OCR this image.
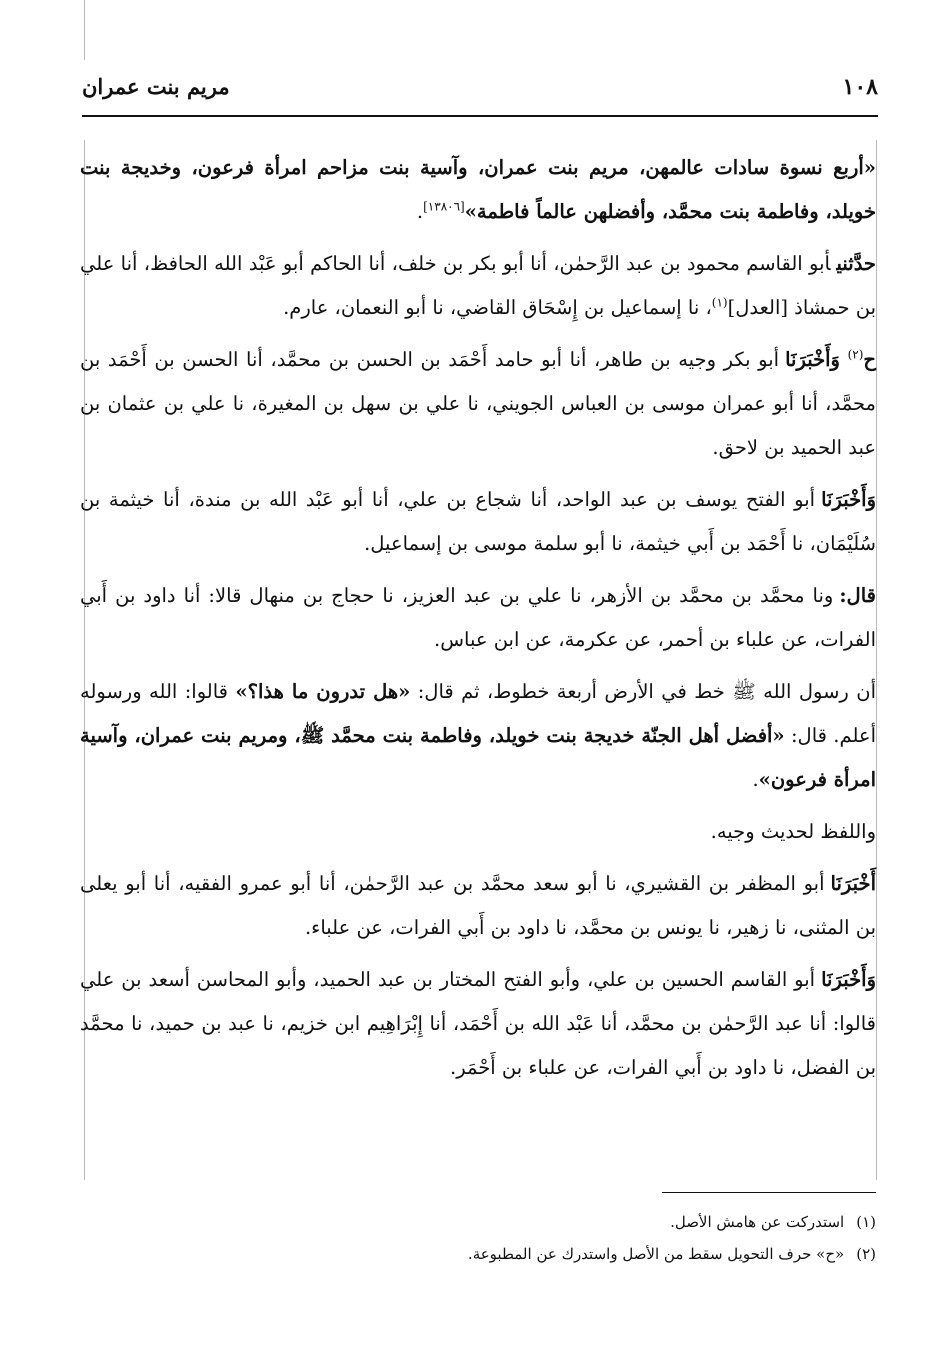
١٠٨
مريم بنت عمران

«أربع نسوة سادات عالمهن، مريم بنت عمران، وآسية بنت مزاحم امرأة فرعون، وخديجة بنت خويلد، وفاطمة بنت محمَّد، وأفضلهن عالماً فاطمة»[١٣٨٠٦].

حدَّثنيأبو القاسم محمود بن عبد الرَّحمٰن، أنا أبو بكر بن خلف، أنا الحاكم أبو عَبْد الله الحافظ، أنا علي بن حمشاذ [العدل]$^{(١)}$، نا إسماعيل بن إِسْحَاق القاضي، نا أبو النعمان، عارم.

ح$^{(٢)}$ وَأَخْبَرَنَاأبو بكر وجيه بن طاهر، أنا أبو حامد أَحْمَد بن الحسن بن محمَّد، أنا الحسن بن أَحْمَد بن محمَّد، أنا أبو عمران موسى بن العباس الجويني، نا علي بن سهل بن المغيرة، نا علي بن عثمان بن عبد الحميد بن لاحق.

وَأَخْبَرَنَاأبو الفتح يوسف بن عبد الواحد، أنا شجاع بن علي، أنا أبو عَبْد الله بن مندة، أنا خيثمة بن سُلَيْمَان، نا أَحْمَد بن أَبي خيثمة، نا أبو سلمة موسى بن إسماعيل.

قال:ونا محمَّد بن محمَّد بن الأزهر، نا علي بن عبد العزيز، نا حجاج بن منهال قالا: أنا داود بن أَبي الفرات، عن علباء بن أحمر، عن عكرمة، عن ابن عباس.

أن رسول الله ﷺ خط في الأرض أربعة خطوط، ثم قال: «هل تدرون ما هذا؟» قالوا: الله ورسوله أعلم. قال: «أفضل أهل الجنّة خديجة بنت خويلد، وفاطمة بنت محمَّد ﷺ، ومريم بنت عمران، وآسية امرأة فرعون».

واللفظ لحديث وجيه.

أَخْبَرَنَاأبو المظفر بن القشيري، نا أبو سعد محمَّد بن عبد الرَّحمٰن، أنا أبو عمرو الفقيه، أنا أبو يعلى بن المثنى، نا زهير، نا يونس بن محمَّد، نا داود بن أَبي الفرات، عن علباء.

وَأَخْبَرَنَاأبو القاسم الحسين بن علي، وأبو الفتح المختار بن عبد الحميد، وأبو المحاسن أسعد بن علي قالوا: أنا عبد الرَّحمٰن بن محمَّد، أنا عَبْد الله بن أَحْمَد، أنا إِبْرَاهِيم ابن خزيم، نا عبد بن حميد، نا محمَّد بن الفضل، نا داود بن أَبي الفرات، عن علباء بن أَحْمَر.

(١)استدركت عن هامش الأصل.
(٢)«ح» حرف التحويل سقط من الأصل واستدرك عن المطبوعة.
